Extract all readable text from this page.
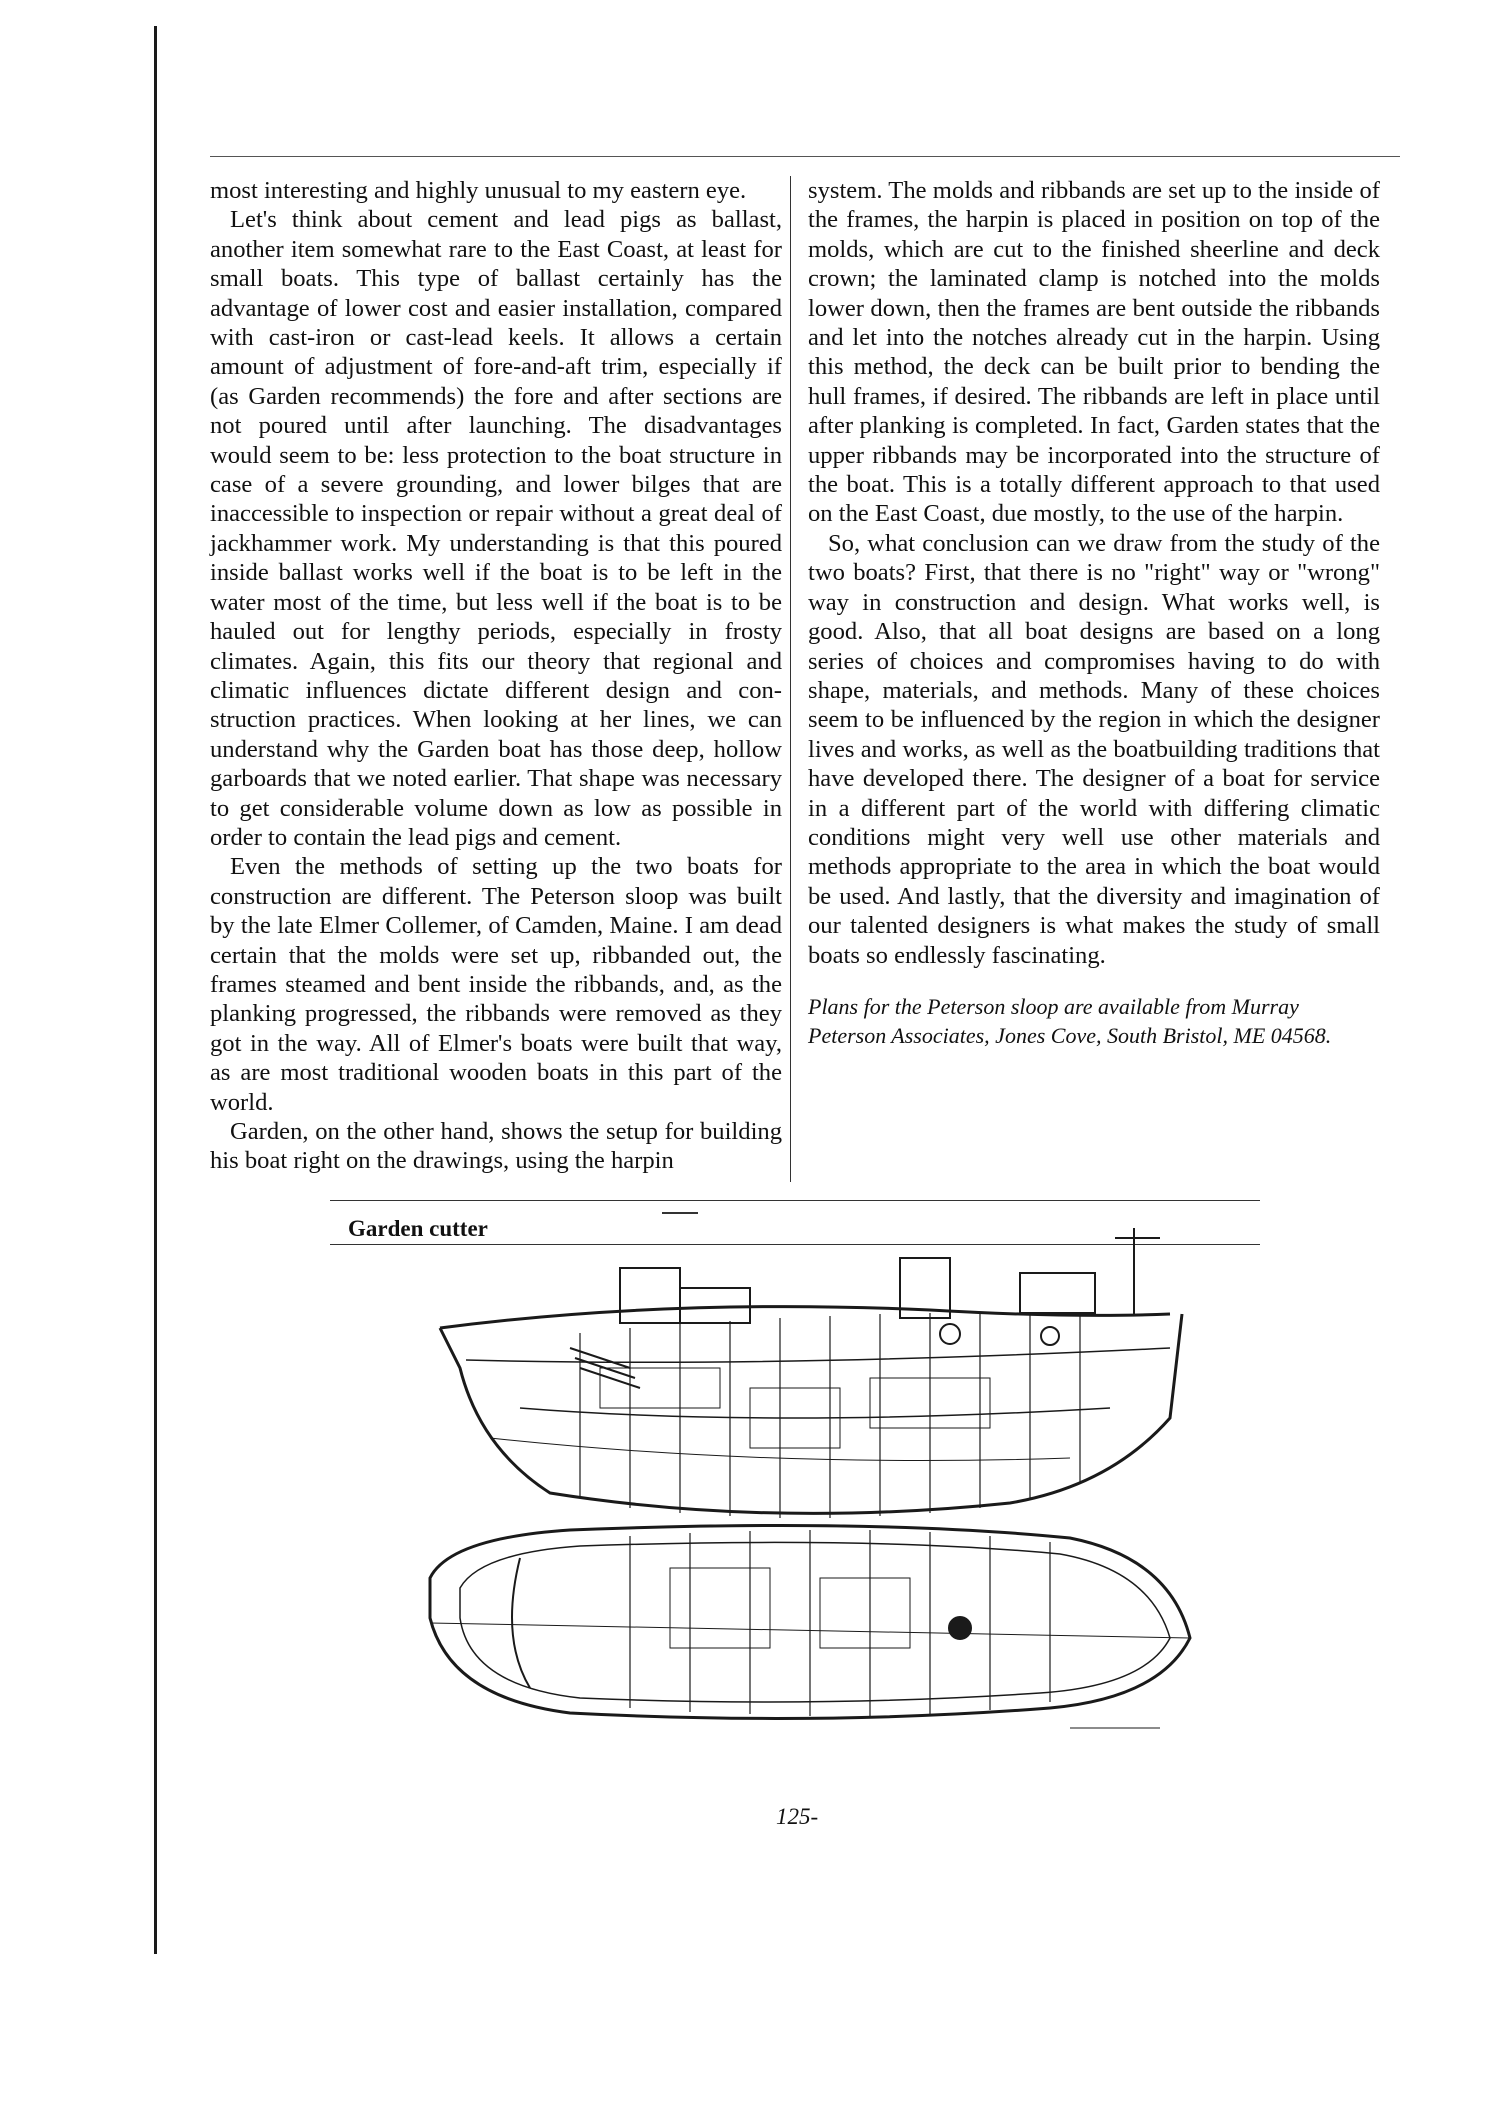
most interesting and highly unusual to my eastern eye.

Let's think about cement and lead pigs as ballast, another item somewhat rare to the East Coast, at least for small boats. This type of ballast certainly has the advantage of lower cost and easier installation, compared with cast-iron or cast-lead keels. It allows a certain amount of adjustment of fore-and-aft trim, especially if (as Garden recommends) the fore and after sections are not poured until after launching. The disadvantages would seem to be: less protection to the boat structure in case of a severe grounding, and lower bilges that are inaccessible to inspection or repair without a great deal of jackhammer work. My understanding is that this poured inside ballast works well if the boat is to be left in the water most of the time, but less well if the boat is to be hauled out for lengthy periods, especially in frosty climates. Again, this fits our theory that regional and climatic influences dictate different design and construction practices. When looking at her lines, we can understand why the Garden boat has those deep, hollow garboards that we noted earlier. That shape was necessary to get considerable volume down as low as possible in order to contain the lead pigs and cement.

Even the methods of setting up the two boats for construction are different. The Peterson sloop was built by the late Elmer Collemer, of Camden, Maine. I am dead certain that the molds were set up, ribbanded out, the frames steamed and bent inside the ribbands, and, as the planking progressed, the ribbands were removed as they got in the way. All of Elmer's boats were built that way, as are most traditional wooden boats in this part of the world.

Garden, on the other hand, shows the setup for building his boat right on the drawings, using the harpin

system. The molds and ribbands are set up to the inside of the frames, the harpin is placed in position on top of the molds, which are cut to the finished sheerline and deck crown; the laminated clamp is notched into the molds lower down, then the frames are bent outside the ribbands and let into the notches already cut in the harpin. Using this method, the deck can be built prior to bending the hull frames, if desired. The ribbands are left in place until after planking is completed. In fact, Garden states that the upper ribbands may be incorporated into the structure of the boat. This is a totally different approach to that used on the East Coast, due mostly, to the use of the harpin.

So, what conclusion can we draw from the study of the two boats? First, that there is no "right" way or "wrong" way in construction and design. What works well, is good. Also, that all boat designs are based on a long series of choices and compromises having to do with shape, materials, and methods. Many of these choices seem to be influenced by the region in which the designer lives and works, as well as the boatbuilding traditions that have developed there. The designer of a boat for service in a different part of the world with differing climatic conditions might very well use other materials and methods appropriate to the area in which the boat would be used. And lastly, that the diversity and imagination of our talented designers is what makes the study of small boats so endlessly fascinating.

Plans for the Peterson sloop are available from Murray Peterson Associates, Jones Cove, South Bristol, ME 04568.

Garden cutter
125-
